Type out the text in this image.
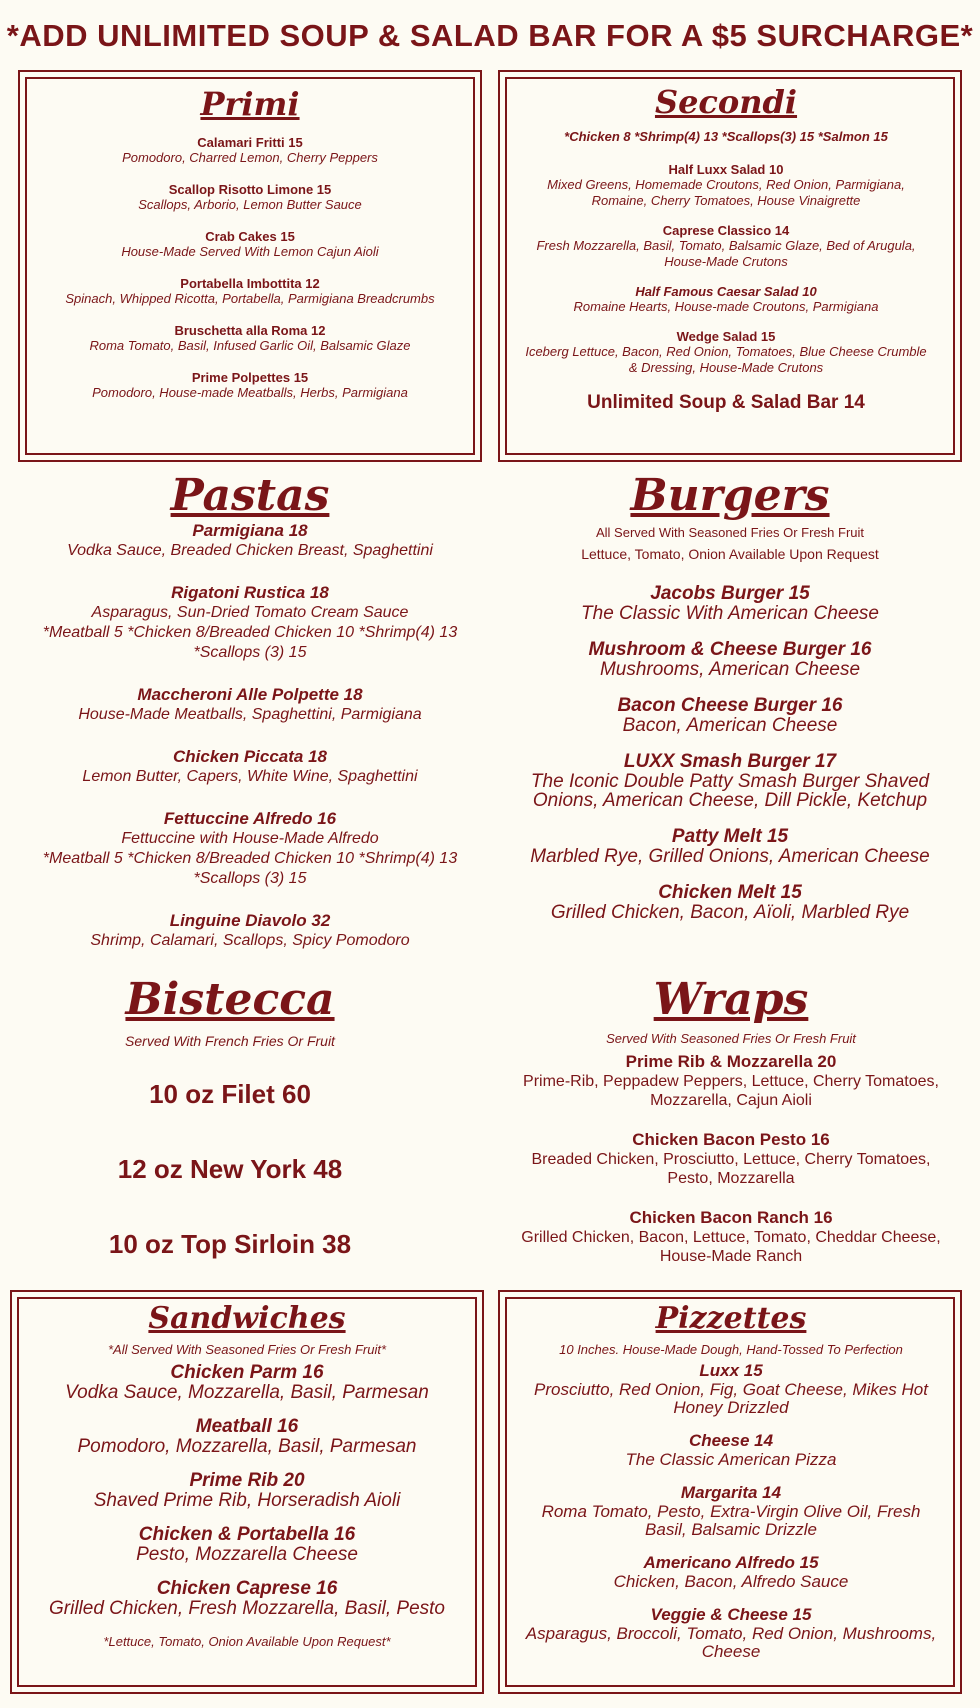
*ADD UNLIMITED SOUP & SALAD BAR FOR A $5 SURCHARGE*
Primi
Calamari Fritti 15
Pomodoro, Charred Lemon, Cherry Peppers
Scallop Risotto Limone 15
Scallops, Arborio, Lemon Butter Sauce
Crab Cakes 15
House-Made Served With Lemon Cajun Aioli
Portabella Imbottita 12
Spinach, Whipped Ricotta, Portabella, Parmigiana Breadcrumbs
Bruschetta alla Roma 12
Roma Tomato, Basil, Infused Garlic Oil, Balsamic Glaze
Prime Polpettes 15
Pomodoro, House-made Meatballs, Herbs, Parmigiana
Secondi
*Chicken 8 *Shrimp(4) 13 *Scallops(3) 15 *Salmon 15
Half Luxx Salad 10
Mixed Greens, Homemade Croutons, Red Onion, Parmigiana, Romaine, Cherry Tomatoes, House Vinaigrette
Caprese Classico 14
Fresh Mozzarella, Basil, Tomato, Balsamic Glaze, Bed of Arugula, House-Made Crutons
Half Famous Caesar Salad 10
Romaine Hearts, House-made Croutons, Parmigiana
Wedge Salad 15
Iceberg Lettuce, Bacon, Red Onion, Tomatoes, Blue Cheese Crumble & Dressing, House-Made Crutons
Unlimited Soup & Salad Bar 14
Pastas
Parmigiana 18
Vodka Sauce, Breaded Chicken Breast, Spaghettini
Rigatoni Rustica 18
Asparagus, Sun-Dried Tomato Cream Sauce
*Meatball 5 *Chicken 8/Breaded Chicken 10 *Shrimp(4) 13
*Scallops (3) 15
Maccheroni Alle Polpette 18
House-Made Meatballs, Spaghettini, Parmigiana
Chicken Piccata 18
Lemon Butter, Capers, White Wine, Spaghettini
Fettuccine Alfredo 16
Fettuccine with House-Made Alfredo
*Meatball 5 *Chicken 8/Breaded Chicken 10 *Shrimp(4) 13
*Scallops (3) 15
Linguine Diavolo 32
Shrimp, Calamari, Scallops, Spicy Pomodoro
Burgers
All Served With Seasoned Fries Or Fresh Fruit
Lettuce, Tomato, Onion Available Upon Request
Jacobs Burger 15
The Classic With American Cheese
Mushroom & Cheese Burger 16
Mushrooms, American Cheese
Bacon Cheese Burger 16
Bacon, American Cheese
LUXX Smash Burger 17
The Iconic Double Patty Smash Burger Shaved Onions, American Cheese, Dill Pickle, Ketchup
Patty Melt 15
Marbled Rye, Grilled Onions, American Cheese
Chicken Melt 15
Grilled Chicken, Bacon, Aïoli, Marbled Rye
Bistecca
Served With French Fries Or Fruit
10 oz Filet 60
12 oz New York 48
10 oz Top Sirloin 38
Wraps
Served With Seasoned Fries Or Fresh Fruit
Prime Rib & Mozzarella 20
Prime-Rib, Peppadew Peppers, Lettuce, Cherry Tomatoes, Mozzarella, Cajun Aioli
Chicken Bacon Pesto 16
Breaded Chicken, Prosciutto, Lettuce, Cherry Tomatoes, Pesto, Mozzarella
Chicken Bacon Ranch 16
Grilled Chicken, Bacon, Lettuce, Tomato, Cheddar Cheese, House-Made Ranch
Sandwiches
*All Served With Seasoned Fries Or Fresh Fruit*
Chicken Parm 16
Vodka Sauce, Mozzarella, Basil, Parmesan
Meatball 16
Pomodoro, Mozzarella, Basil, Parmesan
Prime Rib 20
Shaved Prime Rib, Horseradish Aioli
Chicken & Portabella 16
Pesto, Mozzarella Cheese
Chicken Caprese 16
Grilled Chicken, Fresh Mozzarella, Basil, Pesto
*Lettuce, Tomato, Onion Available Upon Request*
Pizzettes
10 Inches. House-Made Dough, Hand-Tossed To Perfection
Luxx 15
Prosciutto, Red Onion, Fig, Goat Cheese, Mikes Hot Honey Drizzled
Cheese 14
The Classic American Pizza
Margarita 14
Roma Tomato, Pesto, Extra-Virgin Olive Oil, Fresh Basil, Balsamic Drizzle
Americano Alfredo 15
Chicken, Bacon, Alfredo Sauce
Veggie & Cheese 15
Asparagus, Broccoli, Tomato, Red Onion, Mushrooms, Cheese
